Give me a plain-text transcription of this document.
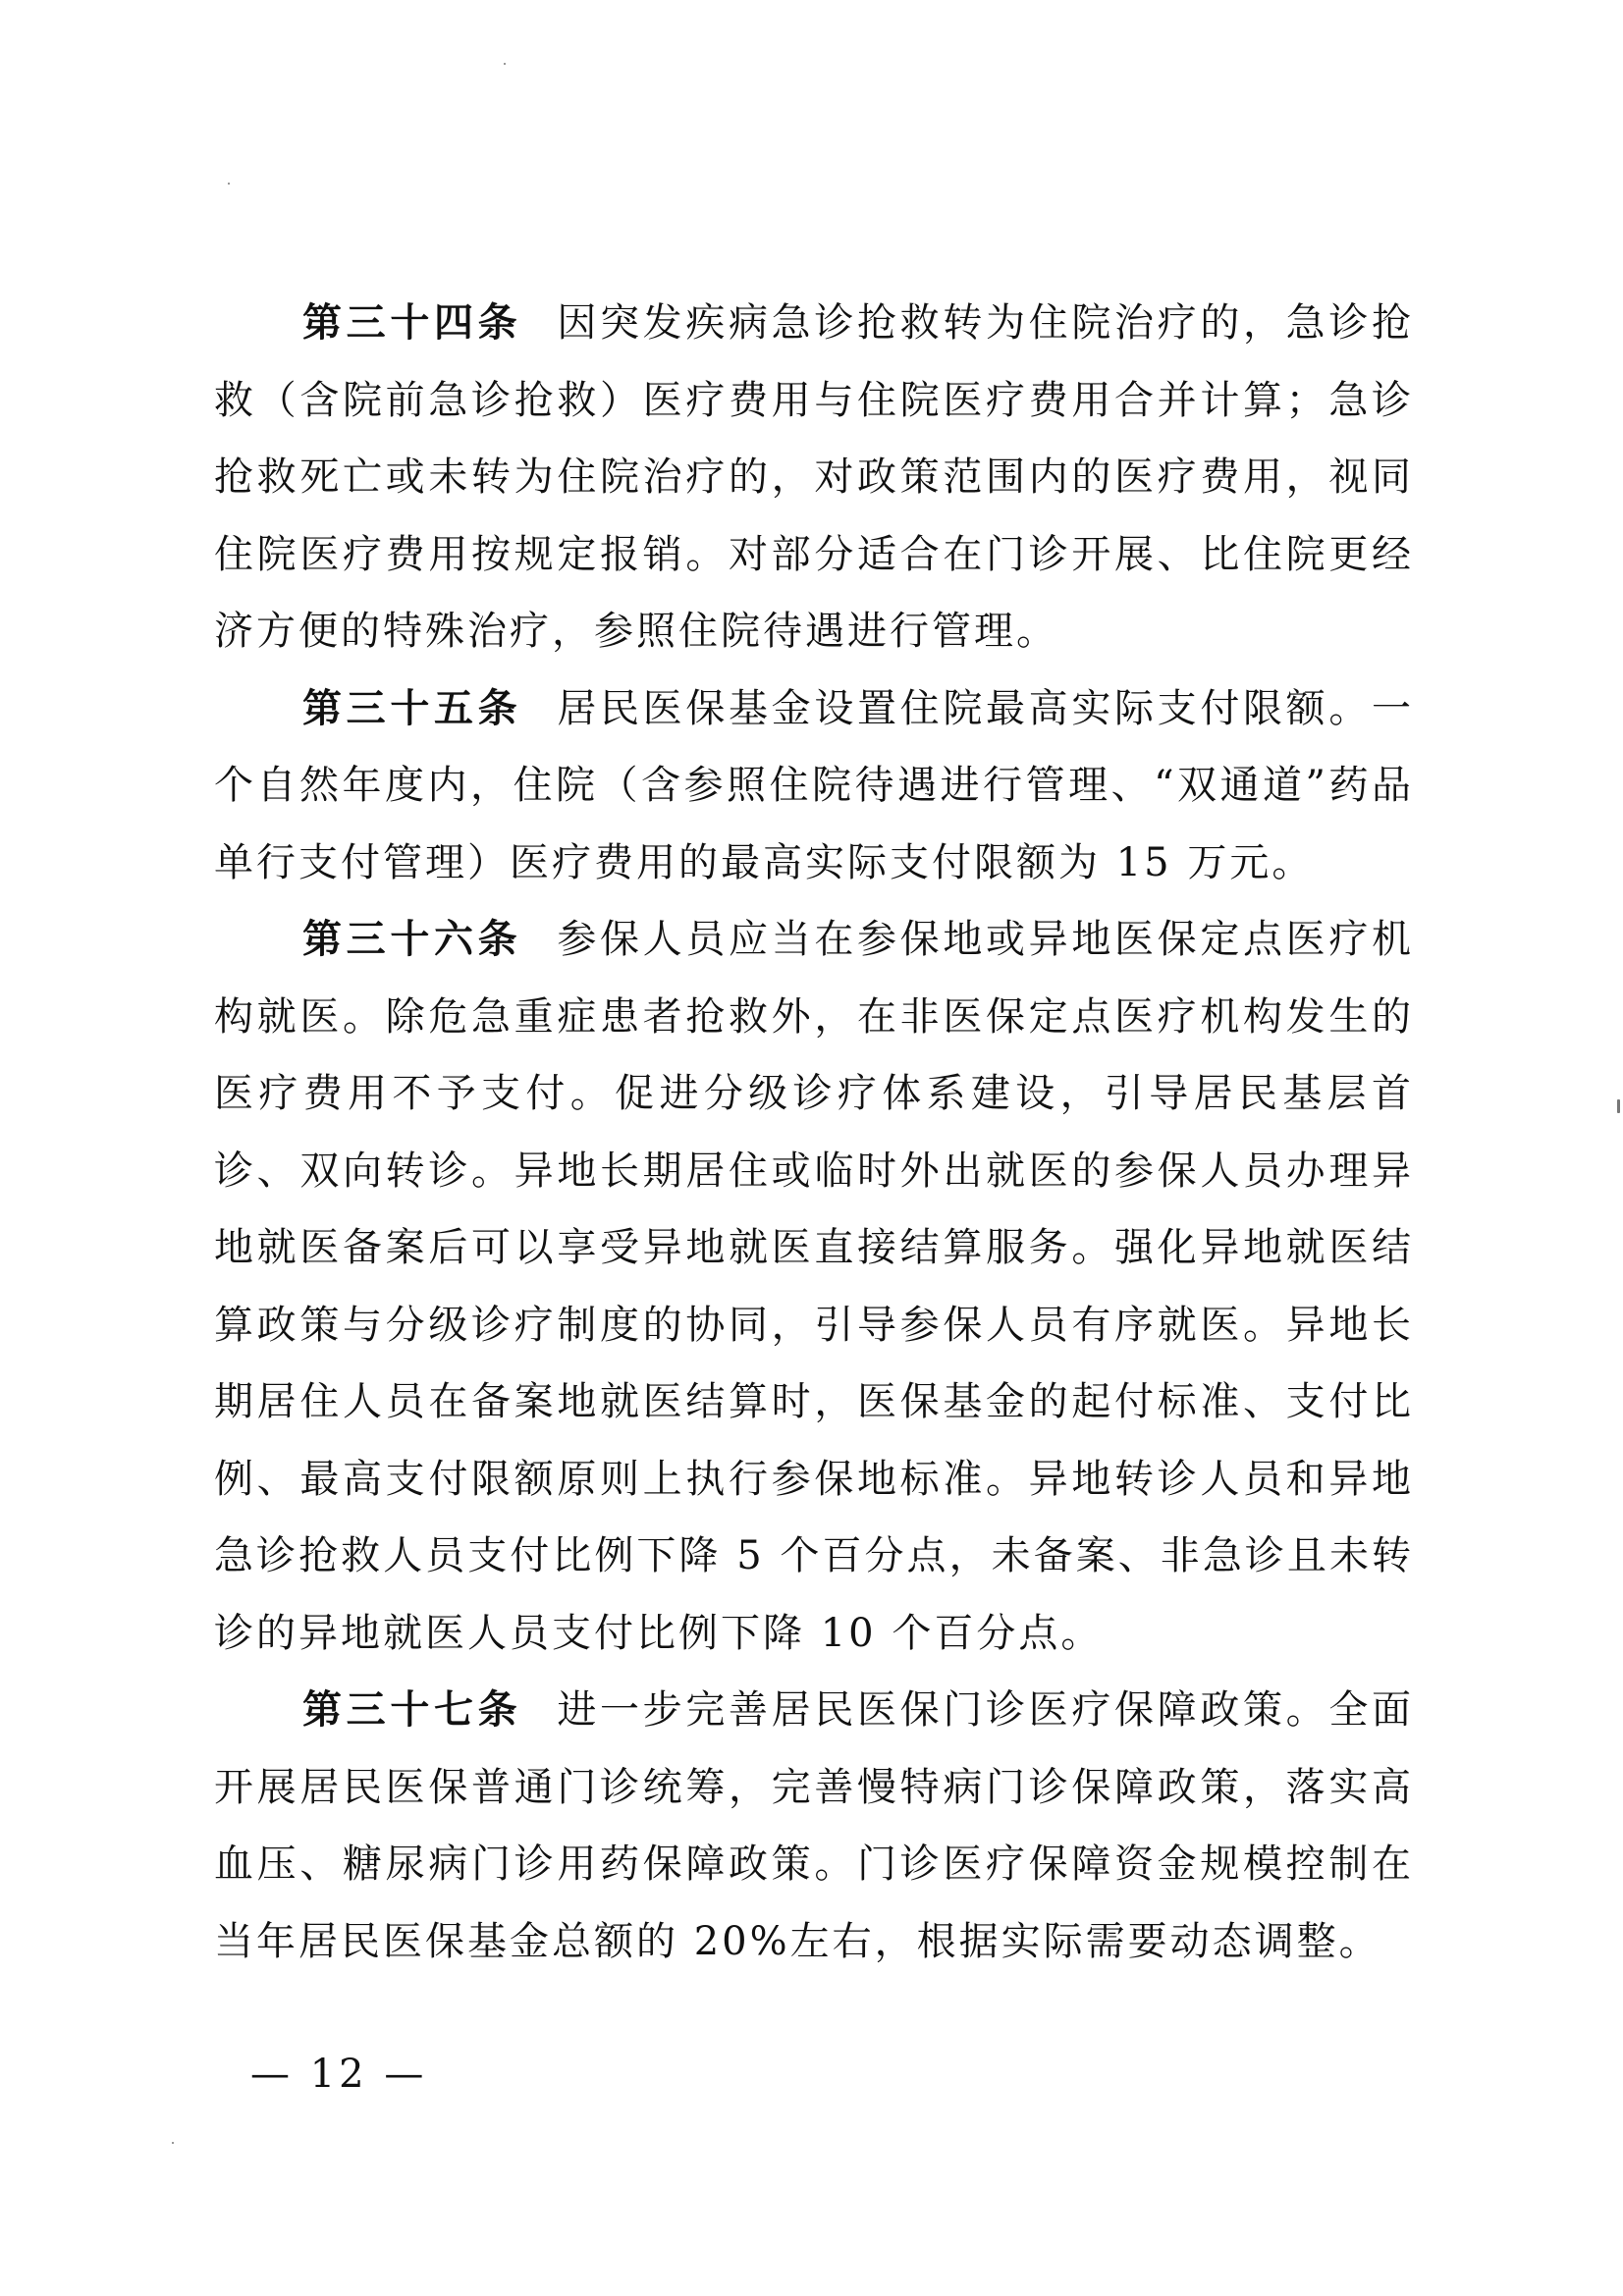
第三十四条 因突发疾病急诊抢救转为住院治疗的，急诊抢救（含院前急诊抢救）医疗费用与住院医疗费用合并计算；急诊抢救死亡或未转为住院治疗的，对政策范围内的医疗费用，视同住院医疗费用按规定报销。对部分适合在门诊开展、比住院更经济方便的特殊治疗，参照住院待遇进行管理。

第三十五条 居民医保基金设置住院最高实际支付限额。一个自然年度内，住院（含参照住院待遇进行管理、“双通道”药品单行支付管理）医疗费用的最高实际支付限额为 15 万元。

第三十六条 参保人员应当在参保地或异地医保定点医疗机构就医。除危急重症患者抢救外，在非医保定点医疗机构发生的医疗费用不予支付。促进分级诊疗体系建设，引导居民基层首诊、双向转诊。异地长期居住或临时外出就医的参保人员办理异地就医备案后可以享受异地就医直接结算服务。强化异地就医结算政策与分级诊疗制度的协同，引导参保人员有序就医。异地长期居住人员在备案地就医结算时，医保基金的起付标准、支付比例、最高支付限额原则上执行参保地标准。异地转诊人员和异地急诊抢救人员支付比例下降 5 个百分点，未备案、非急诊且未转诊的异地就医人员支付比例下降 10 个百分点。

第三十七条 进一步完善居民医保门诊医疗保障政策。全面开展居民医保普通门诊统筹，完善慢特病门诊保障政策，落实高血压、糖尿病门诊用药保障政策。门诊医疗保障资金规模控制在当年居民医保基金总额的 20%左右，根据实际需要动态调整。

— 12 —
